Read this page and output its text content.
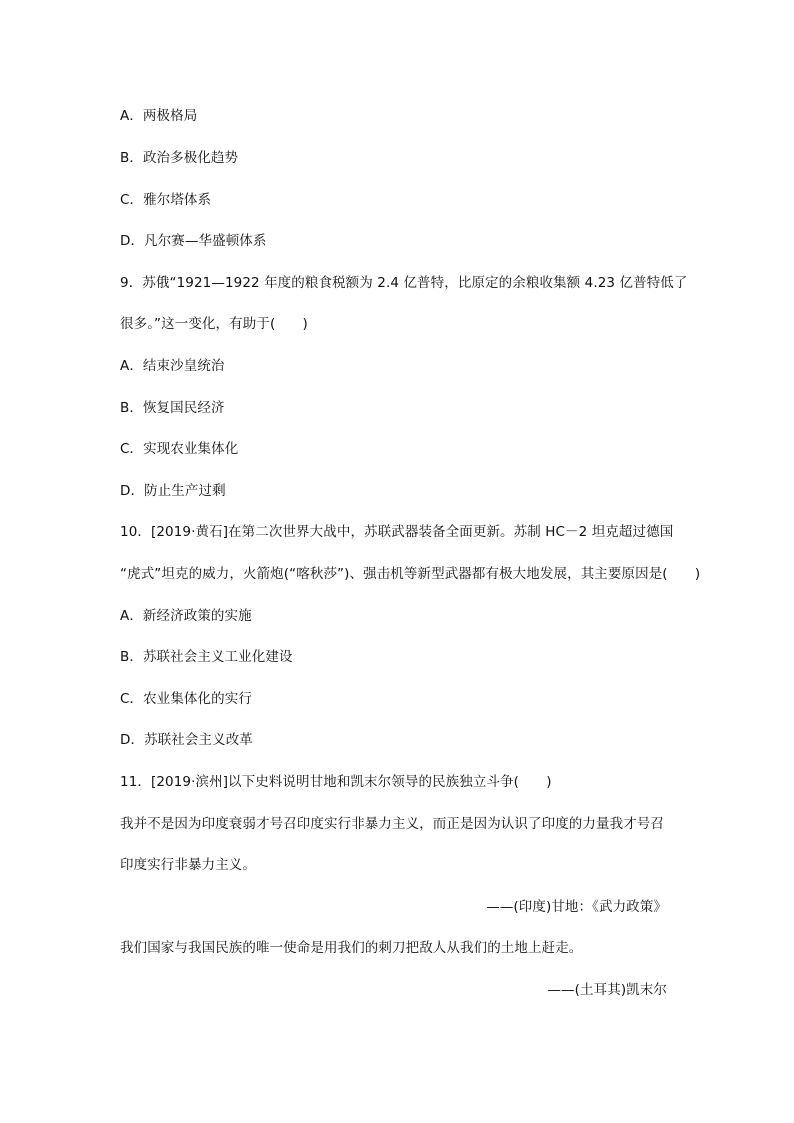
A．两极格局
B．政治多极化趋势
C．雅尔塔体系
D．凡尔赛—华盛顿体系
9．苏俄“1921—1922 年度的粮食税额为 2.4 亿普特，比原定的余粮收集额 4.23 亿普特低了
很多。”这一变化，有助于(　　)
A．结束沙皇统治
B．恢复国民经济
C．实现农业集体化
D．防止生产过剩
10．[2019·黄石]在第二次世界大战中，苏联武器装备全面更新。苏制 HC－2 坦克超过德国
“虎式”坦克的威力，火箭炮(“喀秋莎”)、强击机等新型武器都有极大地发展，其主要原因是(　　)
A．新经济政策的实施
B．苏联社会主义工业化建设
C．农业集体化的实行
D．苏联社会主义改革
11．[2019·滨州]以下史料说明甘地和凯末尔领导的民族独立斗争(　　)
我并不是因为印度衰弱才号召印度实行非暴力主义，而正是因为认识了印度的力量我才号召
印度实行非暴力主义。
——(印度)甘地：《武力政策》
我们国家与我国民族的唯一使命是用我们的刺刀把敌人从我们的土地上赶走。
——(土耳其)凯末尔
